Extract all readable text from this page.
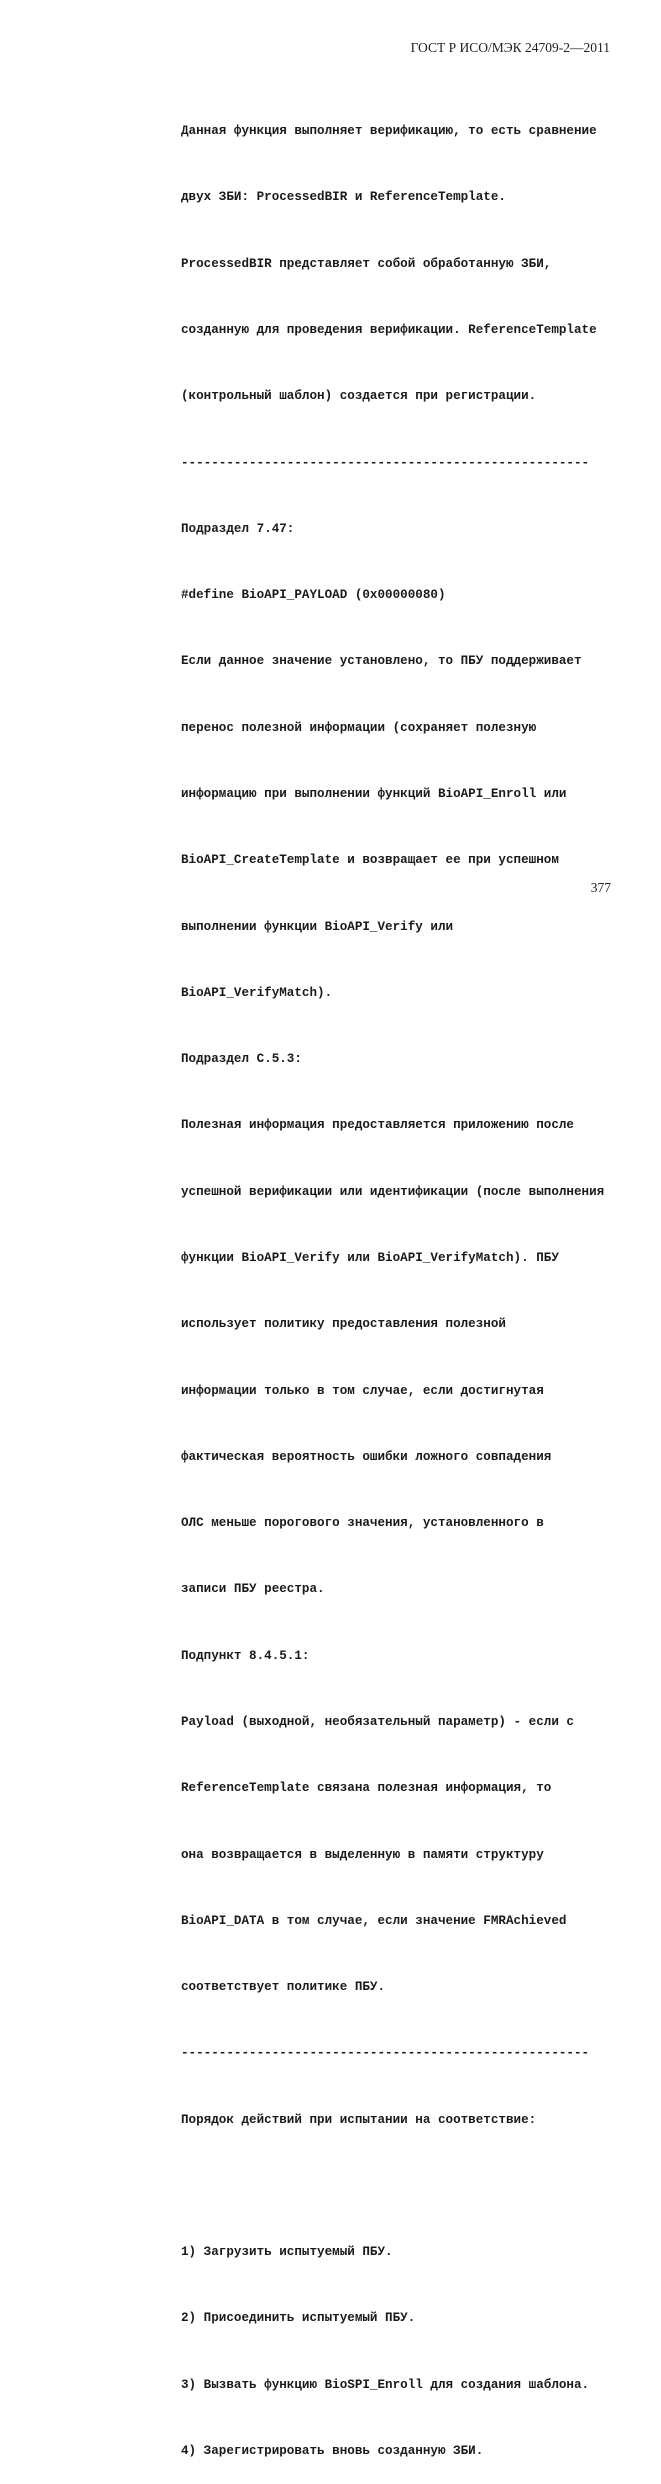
ГОСТ Р ИСО/МЭК 24709-2—2011

Данная функция выполняет верификацию, то есть сравнение

двух ЗБИ: ProcessedBIR и ReferenceTemplate.

ProcessedBIR представляет собой обработанную ЗБИ,

созданную для проведения верификации. ReferenceTemplate

(контрольный шаблон) создается при регистрации.

------------------------------------------------------

Подраздел 7.47:

#define BioAPI_PAYLOAD (0x00000080)

Если данное значение установлено, то ПБУ поддерживает

перенос полезной информации (сохраняет полезную

информацию при выполнении функций BioAPI_Enroll или

BioAPI_CreateTemplate и возвращает ее при успешном

выполнении функции BioAPI_Verify или

BioAPI_VerifyMatch).

Подраздел С.5.3:

Полезная информация предоставляется приложению после

успешной верификации или идентификации (после выполнения

функции BioAPI_Verify или BioAPI_VerifyMatch). ПБУ

использует политику предоставления полезной

информации только в том случае, если достигнутая

фактическая вероятность ошибки ложного совпадения

ОЛС меньше порогового значения, установленного в

записи ПБУ реестра.

Подпункт 8.4.5.1:

Payload (выходной, необязательный параметр) - если с

ReferenceTemplate связана полезная информация, то

она возвращается в выделенную в памяти структуру

BioAPI_DATA в том случае, если значение FMRAchieved

соответствует политике ПБУ.

------------------------------------------------------

Порядок действий при испытании на соответствие:

1) Загрузить испытуемый ПБУ.

2) Присоединить испытуемый ПБУ.

3) Вызвать функцию BioSPI_Enroll для создания шаблона.

4) Зарегистрировать вновь созданную ЗБИ.

377
